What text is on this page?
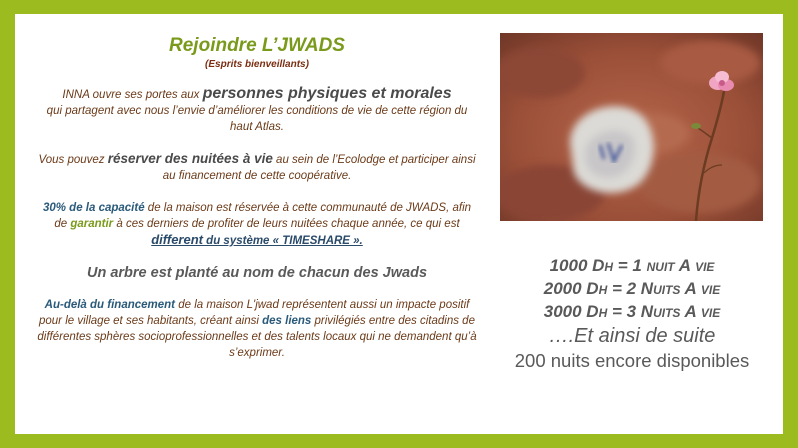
Rejoindre L’JWADS

(Esprits bienveillants)

INNA ouvre ses portes aux personnes physiques et morales
qui partagent avec nous l’envie d’améliorer les conditions de vie de cette région du haut Atlas.

Vous pouvez réserver des nuitées à vie au sein de l’Ecolodge et participer ainsi au financement de cette coopérative.

30% de la capacité de la maison est réservée à cette communauté de JWADS, afin de garantir à ces derniers de profiter de leurs nuitées chaque année, ce qui est different du système « TIMESHARE ».

Un arbre est planté au nom de chacun des Jwads

Au-delà du financement de la maison L'jwad représentent aussi un impacte positif pour le village et ses habitants, créant ainsi des liens privilégiés entre des citadins de différentes sphères socioprofessionnelles et des talents locaux qui ne demandent qu’à s’exprimer.

1000 Dh = 1 nuit A vie

2000 Dh = 2 Nuits A vie

3000 Dh = 3 Nuits A vie

….Et ainsi de suite

200 nuits encore disponibles
